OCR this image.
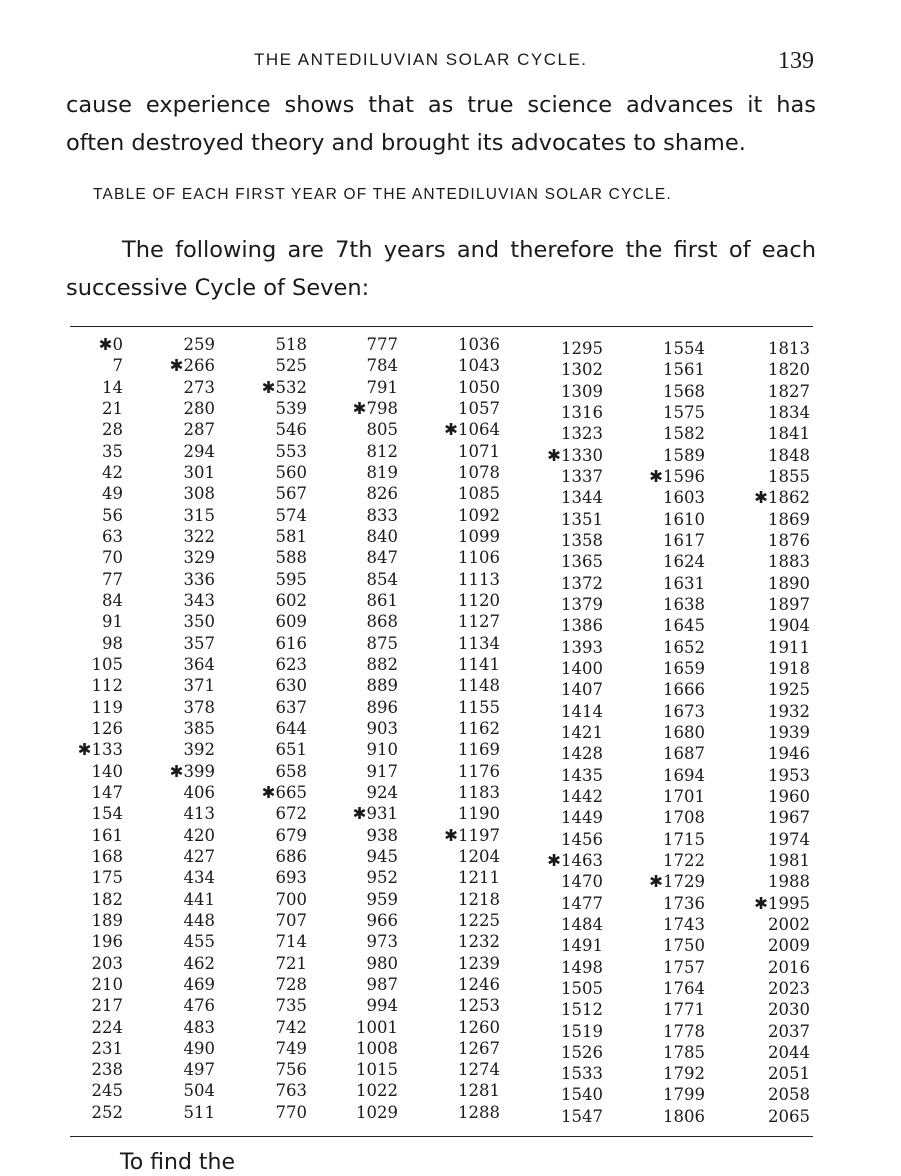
THE ANTEDILUVIAN SOLAR CYCLE.	139

cause experience shows that as true science advances it has
often destroyed theory and brought its advocates to shame.

TABLE OF EACH FIRST YEAR OF THE ANTEDILUVIAN SOLAR CYCLE.

The following are 7th years and therefore the first of each
successive Cycle of Seven:

✱0
7
14
21
28
35
42
49
56
63
70
77
84
91
98
105
112
119
126
✱133
140
147
154
161
168
175
182
189
196
203
210
217
224
231
238
245
252
259
✱266
273
280
287
294
301
308
315
322
329
336
343
350
357
364
371
378
385
392
✱399
406
413
420
427
434
441
448
455
462
469
476
483
490
497
504
511
518
525
✱532
539
546
553
560
567
574
581
588
595
602
609
616
623
630
637
644
651
658
✱665
672
679
686
693
700
707
714
721
728
735
742
749
756
763
770
777
784
791
✱798
805
812
819
826
833
840
847
854
861
868
875
882
889
896
903
910
917
924
✱931
938
945
952
959
966
973
980
987
994
1001
1008
1015
1022
1029
1036
1043
1050
1057
✱1064
1071
1078
1085
1092
1099
1106
1113
1120
1127
1134
1141
1148
1155
1162
1169
1176
1183
1190
✱1197
1204
1211
1218
1225
1232
1239
1246
1253
1260
1267
1274
1281
1288
1295
1302
1309
1316
1323
✱1330
1337
1344
1351
1358
1365
1372
1379
1386
1393
1400
1407
1414
1421
1428
1435
1442
1449
1456
✱1463
1470
1477
1484
1491
1498
1505
1512
1519
1526
1533
1540
1547
1554
1561
1568
1575
1582
1589
✱1596
1603
1610
1617
1624
1631
1638
1645
1652
1659
1666
1673
1680
1687
1694
1701
1708
1715
1722
✱1729
1736
1743
1750
1757
1764
1771
1778
1785
1792
1799
1806
1813
1820
1827
1834
1841
1848
1855
✱1862
1869
1876
1883
1890
1897
1904
1911
1918
1925
1932
1939
1946
1953
1960
1967
1974
1981
1988
✱1995
2002
2009
2016
2023
2030
2037
2044
2051
2058
2065
To find the
